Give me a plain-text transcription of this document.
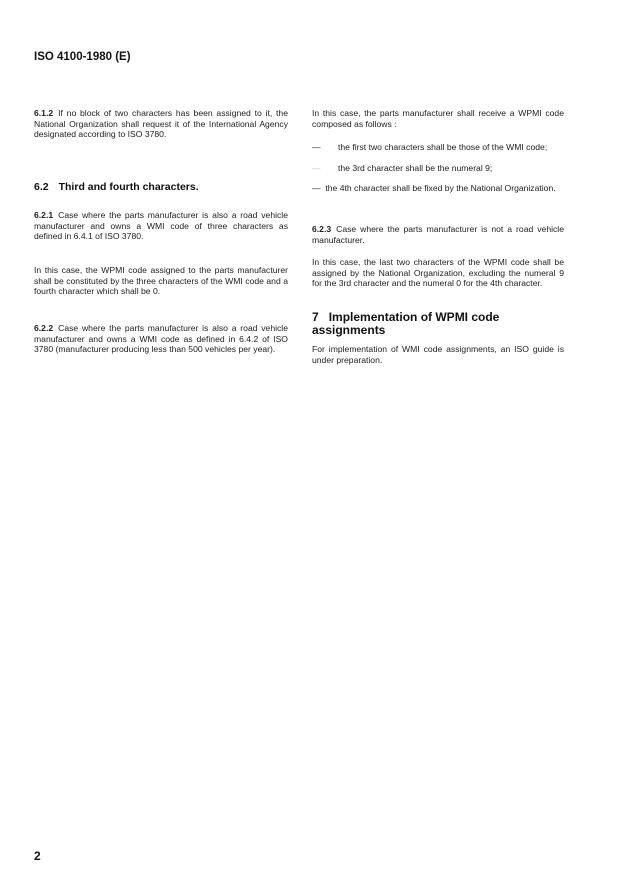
ISO 4100-1980 (E)
6.1.2 If no block of two characters has been assigned to it, the National Organization shall request it of the International Agency designated according to ISO 3780.
6.2 Third and fourth characters.
6.2.1 Case where the parts manufacturer is also a road vehicle manufacturer and owns a WMI code of three characters as defined in 6.4.1 of ISO 3780.
In this case, the WPMI code assigned to the parts manufacturer shall be constituted by the three characters of the WMI code and a fourth character which shall be 0.
6.2.2 Case where the parts manufacturer is also a road vehicle manufacturer and owns a WMI code as defined in 6.4.2 of ISO 3780 (manufacturer producing less than 500 vehicles per year).
In this case, the parts manufacturer shall receive a WPMI code composed as follows :
—	the first two characters shall be those of the WMI code;
—	the 3rd character shall be the numeral 9;
— the 4th character shall be fixed by the National Organization.
6.2.3 Case where the parts manufacturer is not a road vehicle manufacturer.
In this case, the last two characters of the WPMI code shall be assigned by the National Organization, excluding the numeral 9 for the 3rd character and the numeral 0 for the 4th character.
7 Implementation of WPMI code assignments
For implementation of WMI code assignments, an ISO guide is under preparation.
2
